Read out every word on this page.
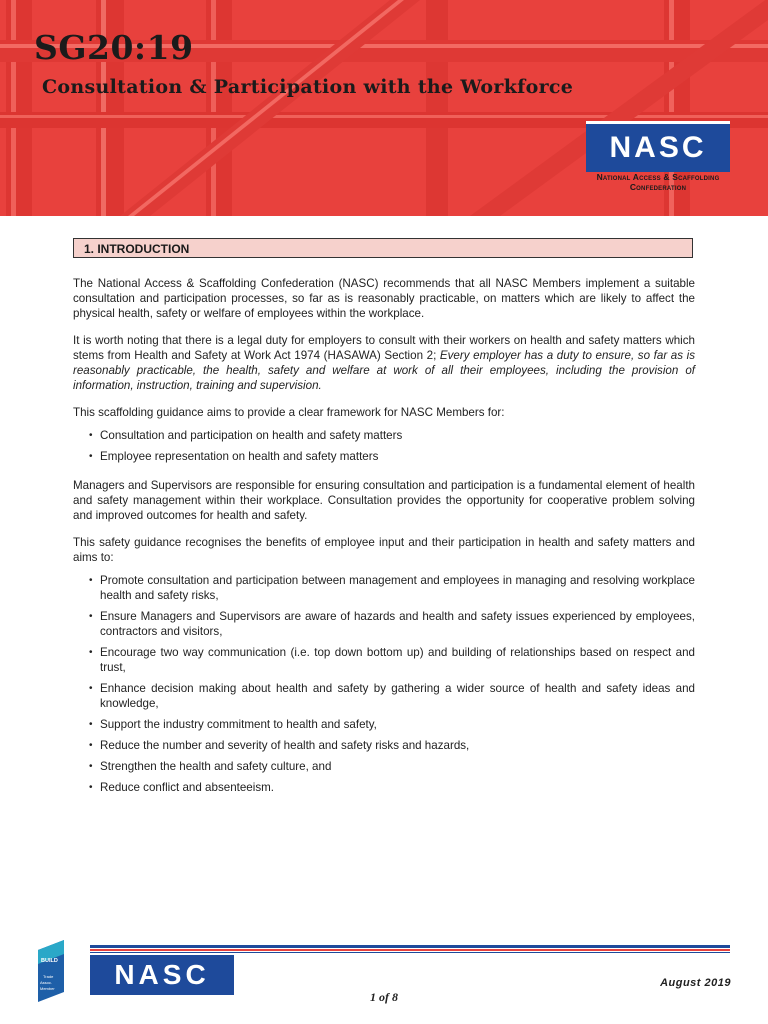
SG20:19
Consultation & Participation with the Workforce
NASC
National Access & Scaffolding
Confederation
1. INTRODUCTION

The National Access & Scaffolding Confederation (NASC) recommends that all NASC Members implement a suitable consultation and participation processes, so far as is reasonably practicable, on matters which are likely to affect the physical health, safety or welfare of employees within the workplace.

It is worth noting that there is a legal duty for employers to consult with their workers on health and safety matters which stems from Health and Safety at Work Act 1974 (HASAWA) Section 2; Every employer has a duty to ensure, so far as is reasonably practicable, the health, safety and welfare at work of all their employees, including the provision of information, instruction, training and supervision.

This scaffolding guidance aims to provide a clear framework for NASC Members for:

• Consultation and participation on health and safety matters
• Employee representation on health and safety matters

Managers and Supervisors are responsible for ensuring consultation and participation is a fundamental element of health and safety management within their workplace. Consultation provides the opportunity for cooperative problem solving and improved outcomes for health and safety.

This safety guidance recognises the benefits of employee input and their participation in health and safety matters and aims to:

• Promote consultation and participation between management and employees in managing and resolving workplace health and safety risks,
• Ensure Managers and Supervisors are aware of hazards and health and safety issues experienced by employees, contractors and visitors,
• Encourage two way communication (i.e. top down bottom up) and building of relationships based on respect and trust,
• Enhance decision making about health and safety by gathering a wider source of health and safety ideas and knowledge,
• Support the industry commitment to health and safety,
• Reduce the number and severity of health and safety risks and hazards,
• Strengthen the health and safety culture, and
• Reduce conflict and absenteeism.
BUILD
Trade
Assoc.
Member NASC	August 2019
1 of 8
